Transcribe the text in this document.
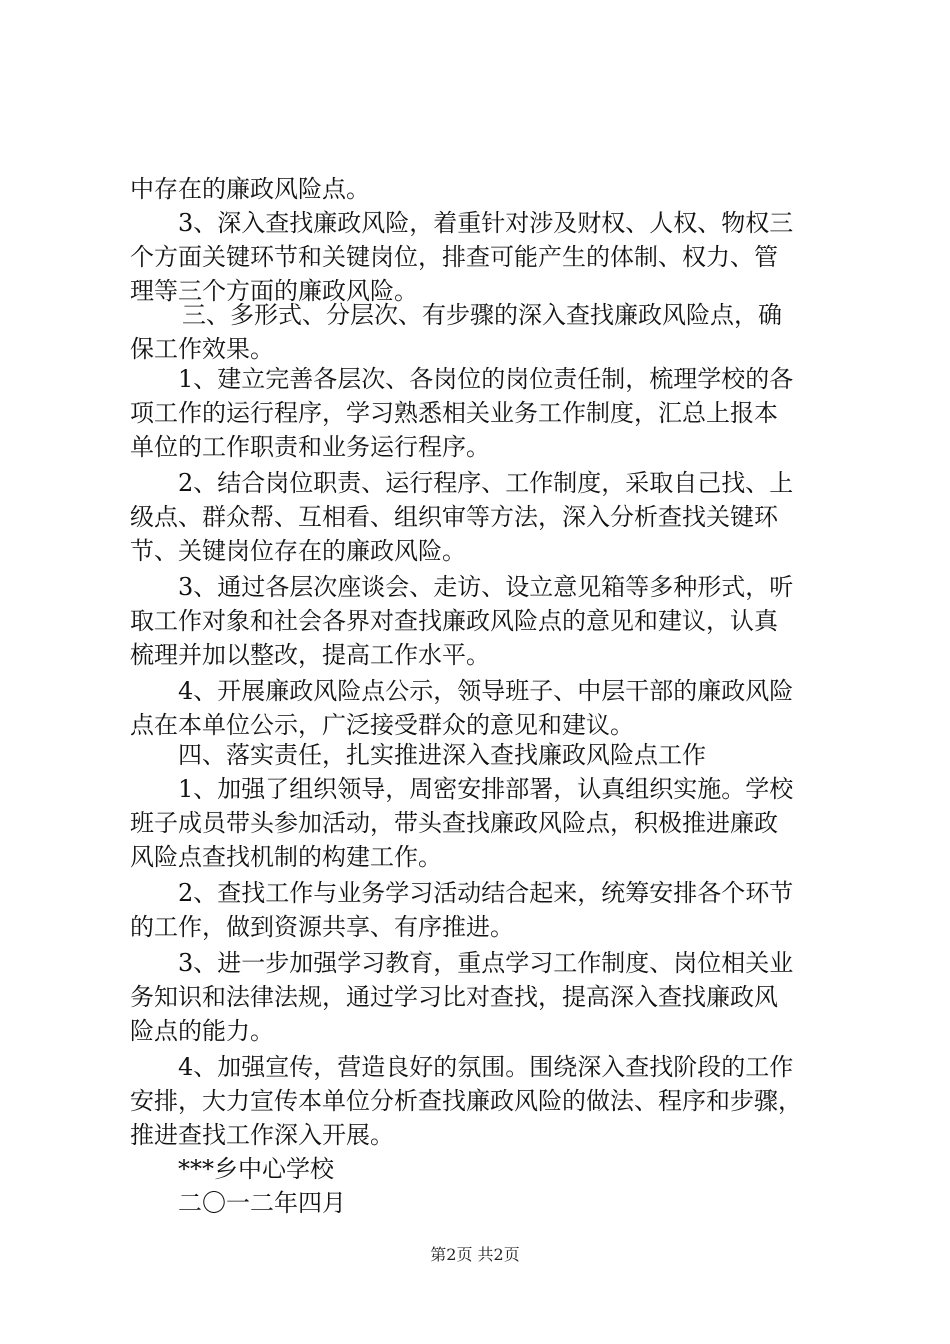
中存在的廉政风险点。
3、深入查找廉政风险，着重针对涉及财权、人权、物权三
个方面关键环节和关键岗位，排查可能产生的体制、权力、管
理等三个方面的廉政风险。
三、多形式、分层次、有步骤的深入查找廉政风险点，确
保工作效果。
1、建立完善各层次、各岗位的岗位责任制，梳理学校的各
项工作的运行程序，学习熟悉相关业务工作制度，汇总上报本
单位的工作职责和业务运行程序。
2、结合岗位职责、运行程序、工作制度，采取自己找、上
级点、群众帮、互相看、组织审等方法，深入分析查找关键环
节、关键岗位存在的廉政风险。
3、通过各层次座谈会、走访、设立意见箱等多种形式，听
取工作对象和社会各界对查找廉政风险点的意见和建议，认真
梳理并加以整改，提高工作水平。
4、开展廉政风险点公示，领导班子、中层干部的廉政风险
点在本单位公示，广泛接受群众的意见和建议。
四、落实责任，扎实推进深入查找廉政风险点工作
1、加强了组织领导，周密安排部署，认真组织实施。学校
班子成员带头参加活动，带头查找廉政风险点，积极推进廉政
风险点查找机制的构建工作。
2、查找工作与业务学习活动结合起来，统筹安排各个环节
的工作，做到资源共享、有序推进。
3、进一步加强学习教育，重点学习工作制度、岗位相关业
务知识和法律法规，通过学习比对查找，提高深入查找廉政风
险点的能力。
4、加强宣传，营造良好的氛围。围绕深入查找阶段的工作
安排，大力宣传本单位分析查找廉政风险的做法、程序和步骤，
推进查找工作深入开展。
***乡中心学校
二〇一二年四月
第2页 共2页
